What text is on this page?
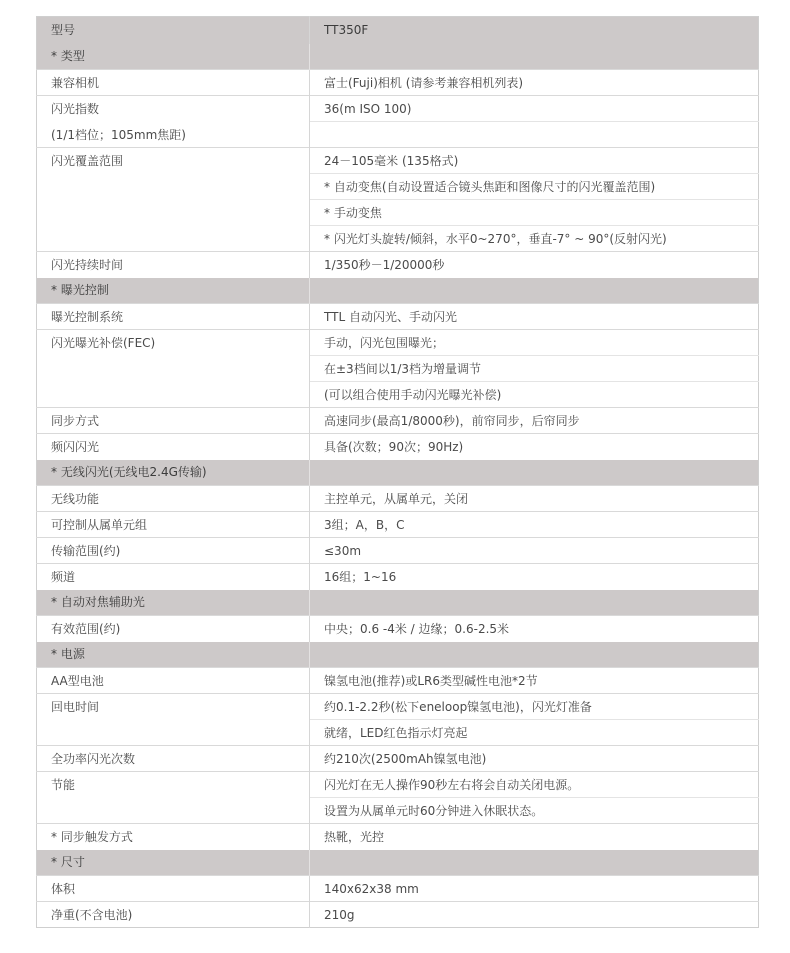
型号	TT350F
* 类型	

兼容相机	富士(Fuji)相机 (请参考兼容相机列表)

闪光指数
(1/1档位；105mm焦距)	36(m ISO 100)

闪光覆盖范围	24－105毫米 (135格式)
	* 自动变焦(自动设置适合镜头焦距和图像尺寸的闪光覆盖范围)
	* 手动变焦
	* 闪光灯头旋转/倾斜，水平0~270°，垂直-7° ~ 90°(反射闪光)

闪光持续时间	1/350秒－1/20000秒
* 曝光控制	

曝光控制系统	TTL 自动闪光、手动闪光

闪光曝光补偿(FEC)	手动，闪光包围曝光；
	在±3档间以1/3档为增量调节
	(可以组合使用手动闪光曝光补偿)

同步方式	高速同步(最高1/8000秒)，前帘同步，后帘同步

频闪闪光	具备(次数；90次；90Hz)
* 无线闪光(无线电2.4G传输)	

无线功能	主控单元，从属单元，关闭

可控制从属单元组	3组；A，B，C

传输范围(约)	≤30m

频道	16组；1~16
* 自动对焦辅助光	

有效范围(约)	中央；0.6 -4米 / 边缘；0.6-2.5米
* 电源	

AA型电池	镍氢电池(推荐)或LR6类型碱性电池*2节

回电时间	约0.1-2.2秒(松下eneloop镍氢电池)，闪光灯准备
	就绪，LED红色指示灯亮起

全功率闪光次数	约210次(2500mAh镍氢电池)

节能	闪光灯在无人操作90秒左右将会自动关闭电源。
	设置为从属单元时60分钟进入休眠状态。

* 同步触发方式	热靴，光控
* 尺寸	

体积	140x62x38 mm

净重(不含电池)	210g
